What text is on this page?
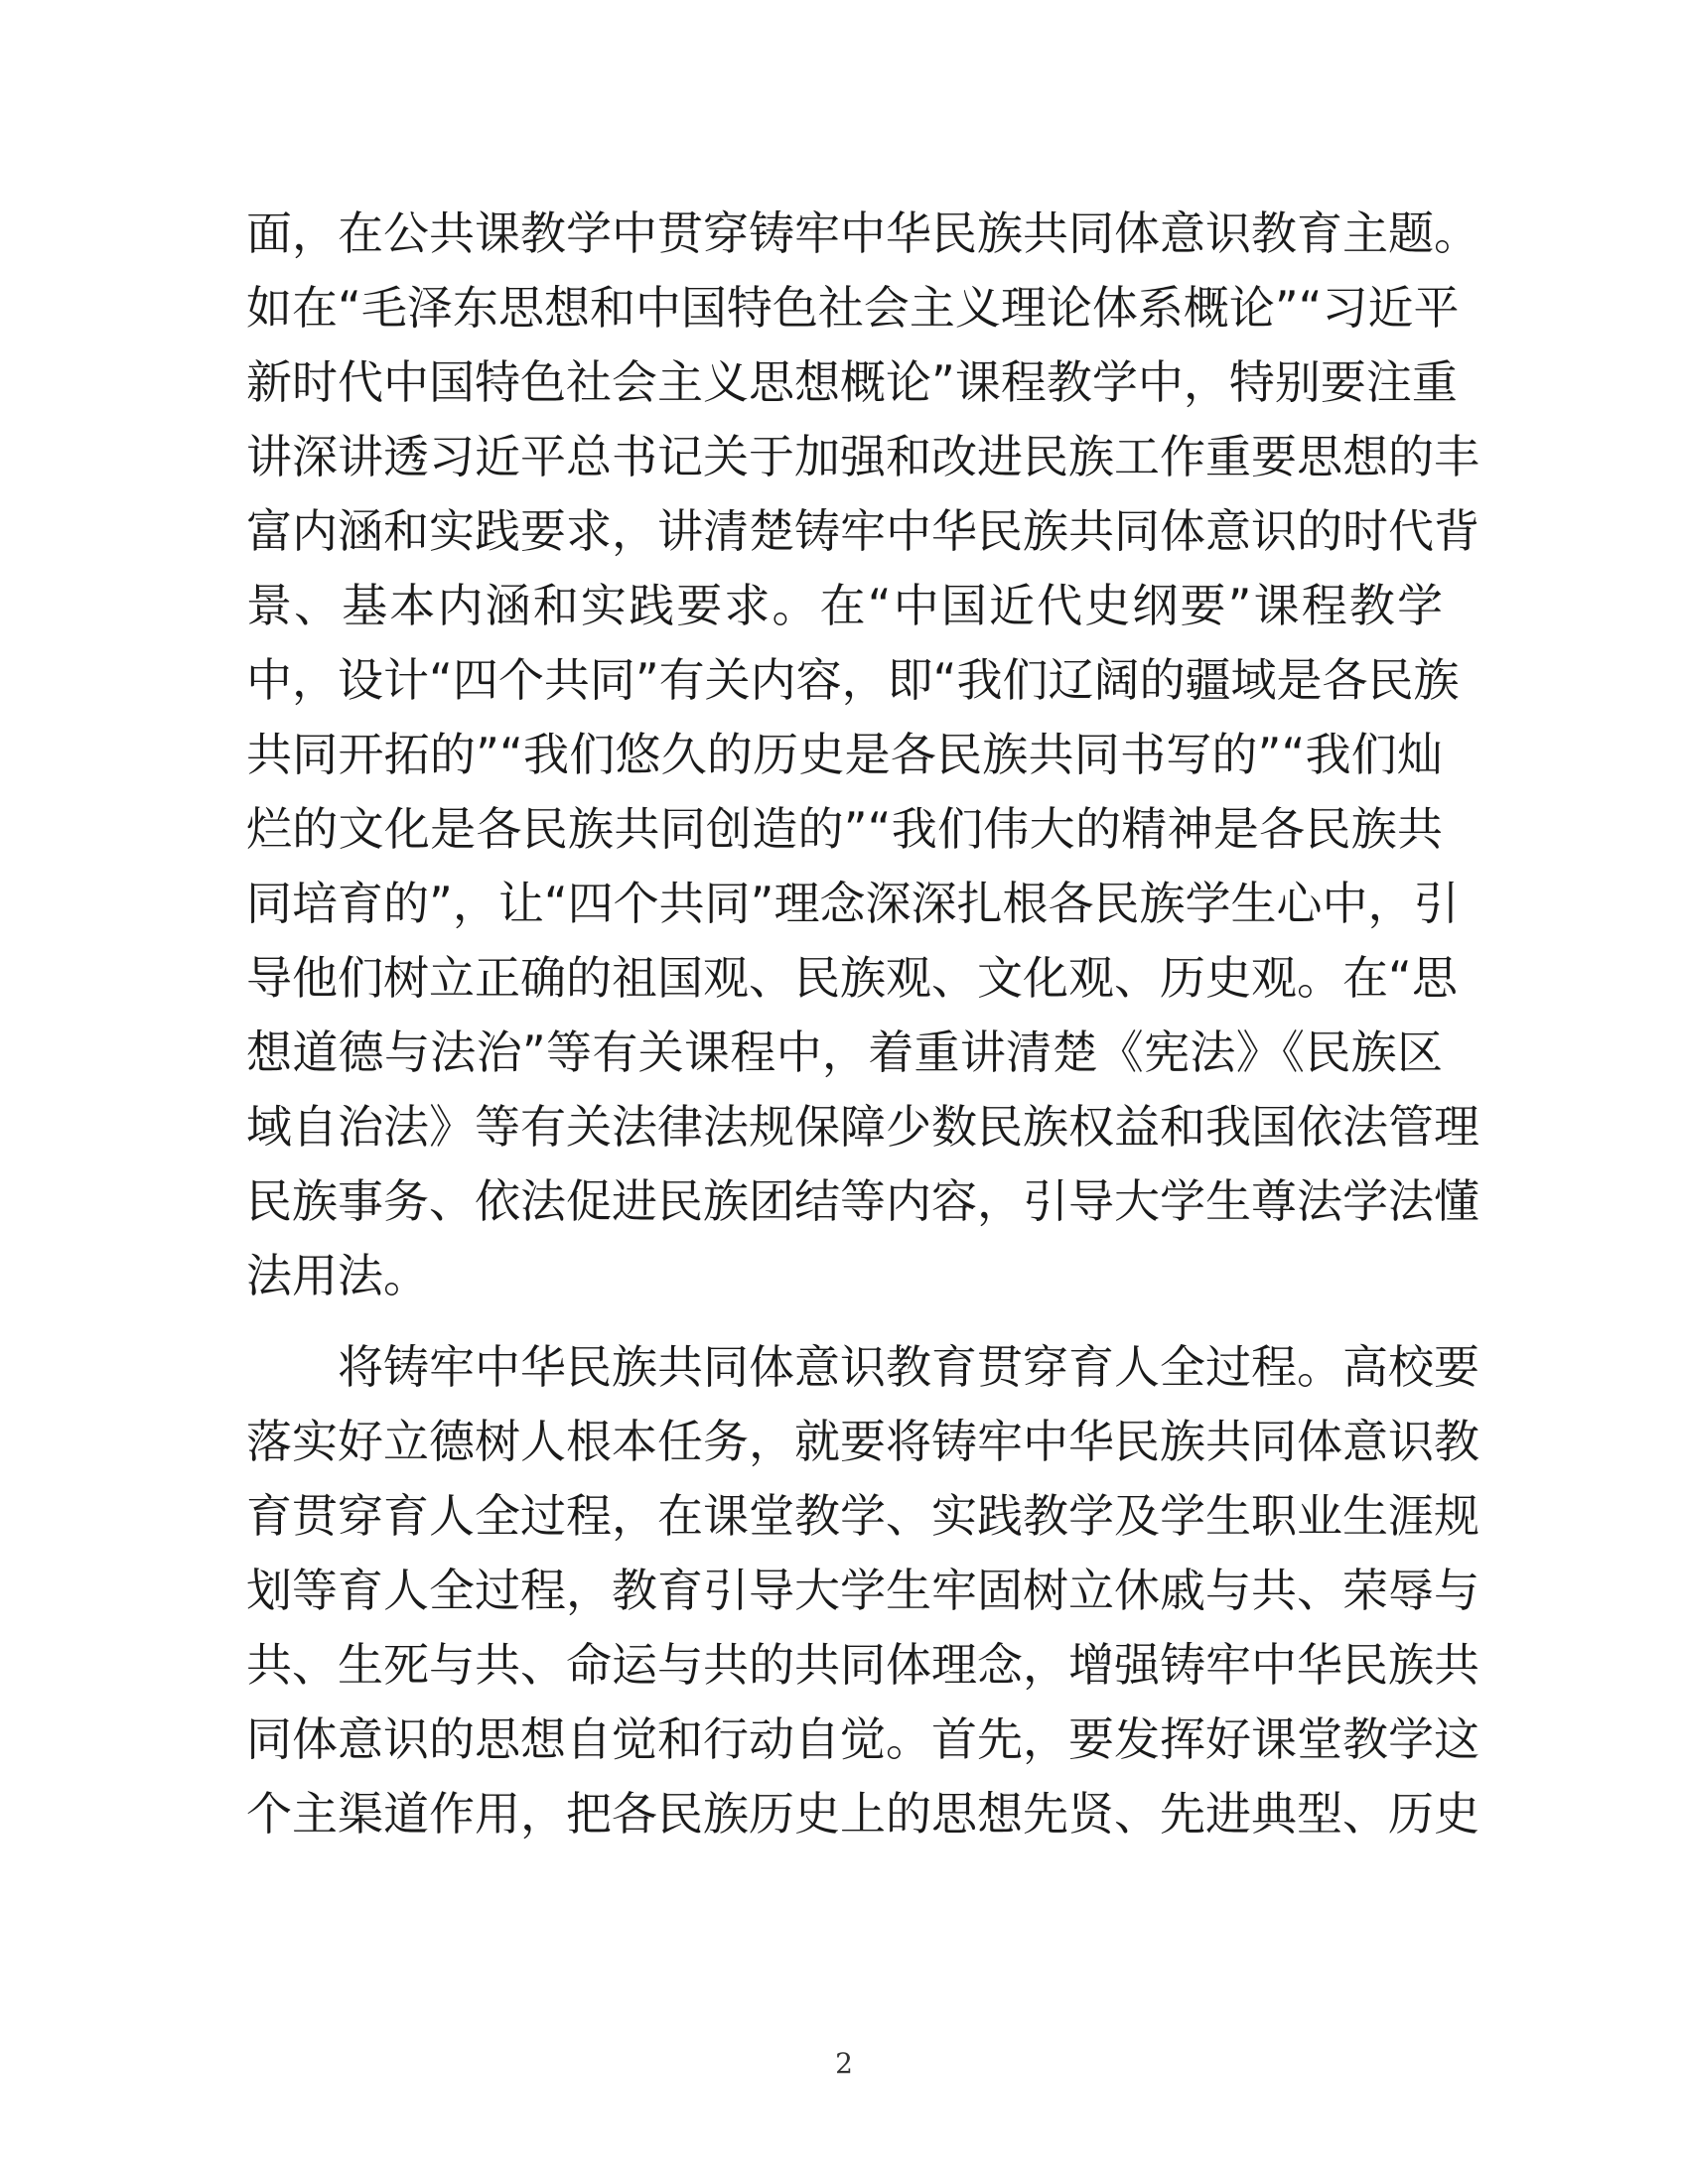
面，在公共课教学中贯穿铸牢中华民族共同体意识教育主题。
如在“毛泽东思想和中国特色社会主义理论体系概论”“习近平
新时代中国特色社会主义思想概论”课程教学中，特别要注重
讲深讲透习近平总书记关于加强和改进民族工作重要思想的丰
富内涵和实践要求，讲清楚铸牢中华民族共同体意识的时代背
景、基本内涵和实践要求。在“中国近代史纲要”课程教学
中，设计“四个共同”有关内容，即“我们辽阔的疆域是各民族
共同开拓的”“我们悠久的历史是各民族共同书写的”“我们灿
烂的文化是各民族共同创造的”“我们伟大的精神是各民族共
同培育的”，让“四个共同”理念深深扎根各民族学生心中，引
导他们树立正确的祖国观、民族观、文化观、历史观。在“思
想道德与法治”等有关课程中，着重讲清楚《宪法》《民族区
域自治法》等有关法律法规保障少数民族权益和我国依法管理
民族事务、依法促进民族团结等内容，引导大学生尊法学法懂
法用法。
将铸牢中华民族共同体意识教育贯穿育人全过程。高校要
落实好立德树人根本任务，就要将铸牢中华民族共同体意识教
育贯穿育人全过程，在课堂教学、实践教学及学生职业生涯规
划等育人全过程，教育引导大学生牢固树立休戚与共、荣辱与
共、生死与共、命运与共的共同体理念，增强铸牢中华民族共
同体意识的思想自觉和行动自觉。首先，要发挥好课堂教学这
个主渠道作用，把各民族历史上的思想先贤、先进典型、历史
2
